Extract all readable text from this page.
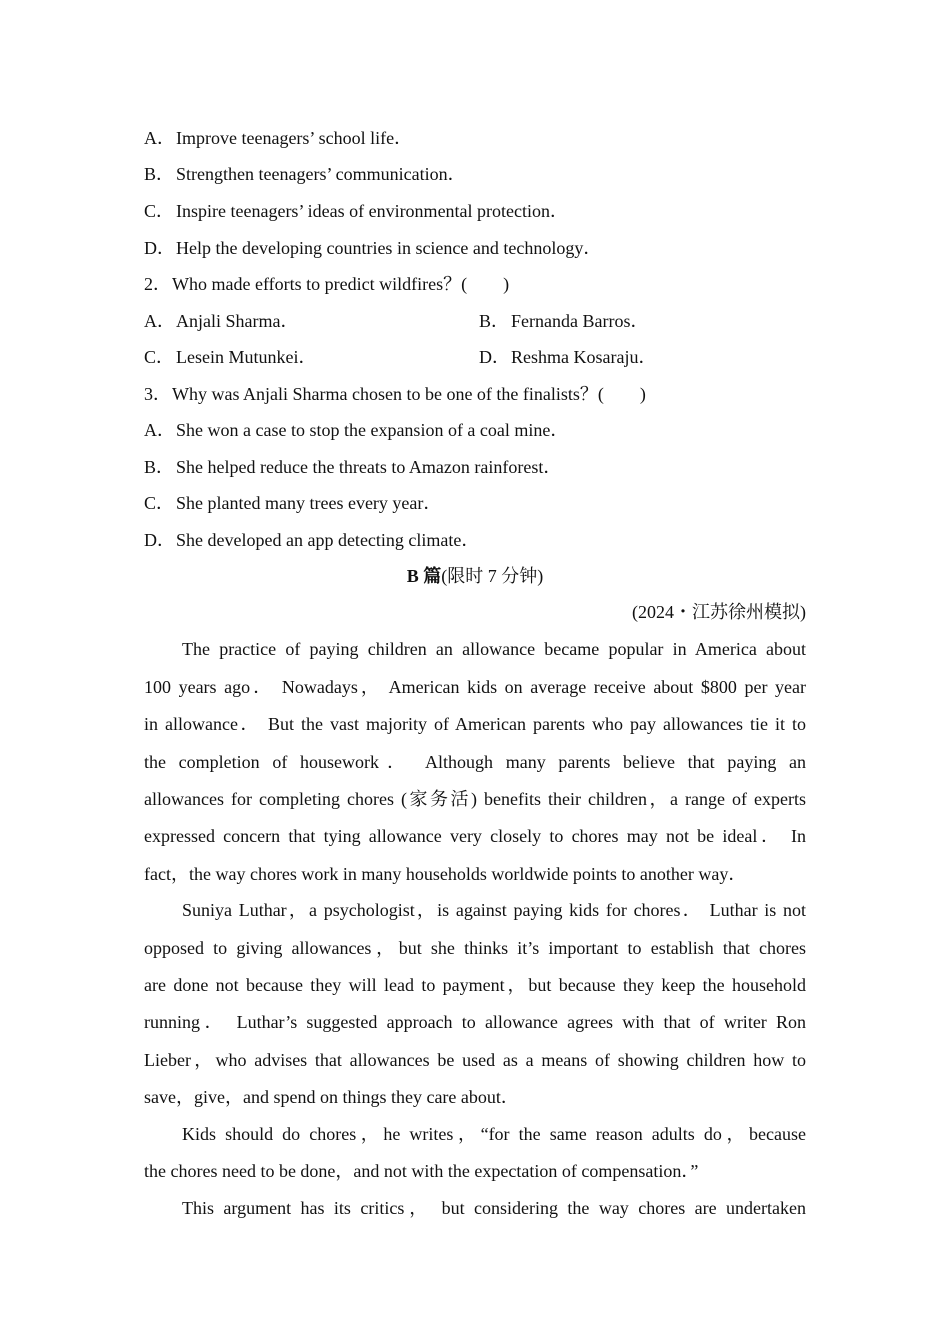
A．Improve teenagers’ school life．
B． Strengthen teenagers’ communication．
C． Inspire teenagers’ ideas of environmental protection．
D．Help the developing countries in science and technology．
2．Who made efforts to predict wildfires？(　　)
A．Anjali Sharma．	B． Fernanda Barros．
C． Lesein Mutunkei．	D．Reshma Kosaraju．
3．Why was Anjali Sharma chosen to be one of the finalists？(　　)
A．She won a case to stop the expansion of a coal mine．
B． She helped reduce the threats to Amazon rainforest．
C． She planted many trees every year．
D．She developed an app detecting climate．
B 篇(限时 7 分钟)
(2024・江苏徐州模拟)
The practice of paying children an allowance became popular in America about
100 years ago． Nowadays， American kids on average receive about $800 per year
in allowance． But the vast majority of American parents who pay allowances tie it to
the completion of housework． Although many parents believe that paying an
allowances for completing chores (家务活) benefits their children，a range of experts
expressed concern that tying allowance very closely to chores may not be ideal． In
fact，the way chores work in many households worldwide points to another way．
Suniya Luthar，a psychologist，is against paying kids for chores． Luthar is not
opposed to giving allowances，but she thinks it’s important to establish that chores
are done not because they will lead to payment，but because they keep the household
running． Luthar’s suggested approach to allowance agrees with that of writer Ron
Lieber，who advises that allowances be used as a means of showing children how to
save，give，and spend on things they care about．
Kids should do chores，he writes，“for the same reason adults do，because
the chores need to be done，and not with the expectation of compensation．”
This argument has its critics， but considering the way chores are undertaken
